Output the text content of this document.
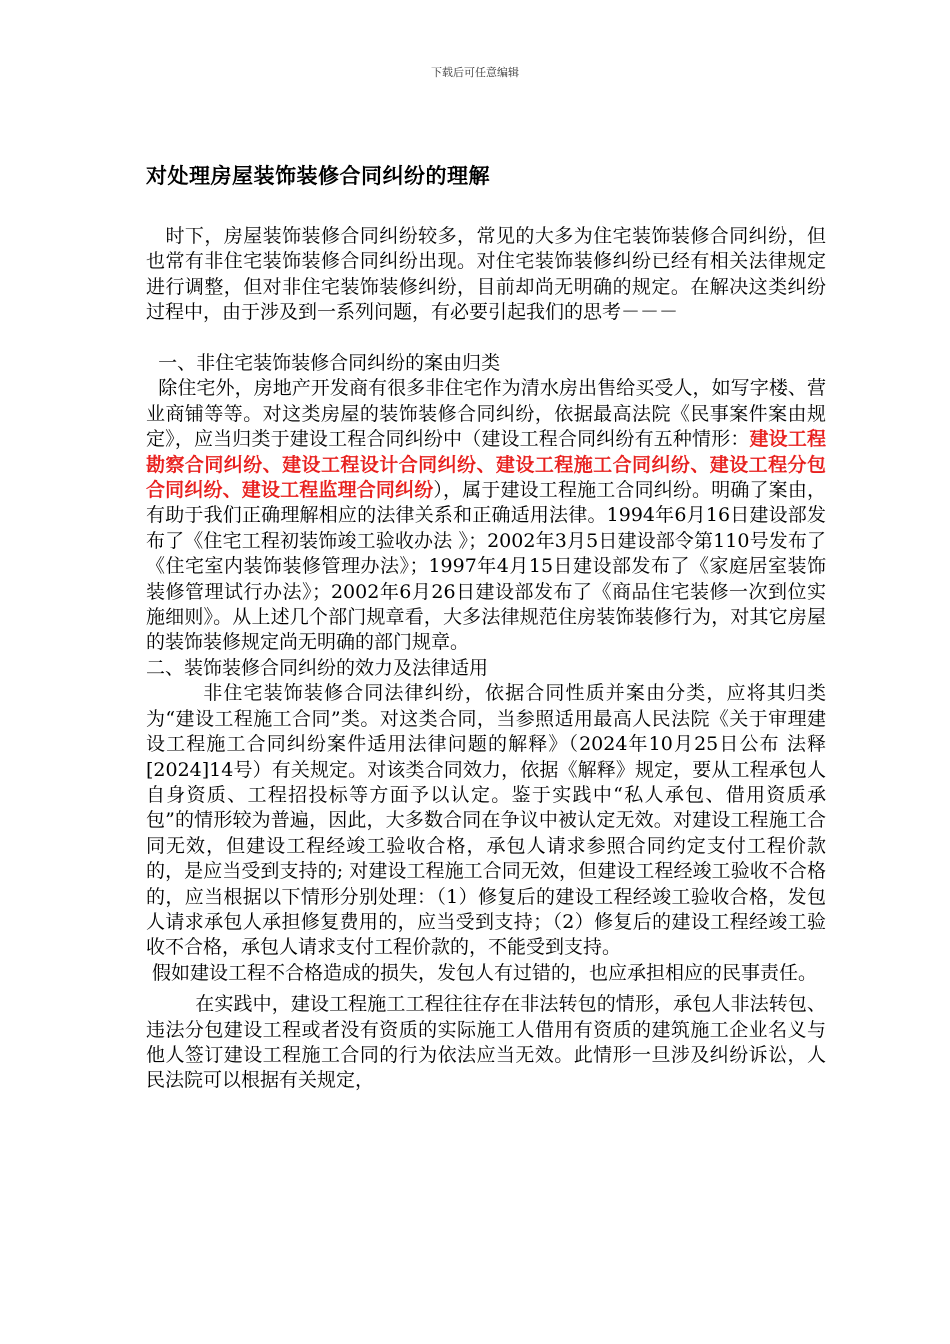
下载后可任意编辑
对处理房屋装饰装修合同纠纷的理解

时下，房屋装饰装修合同纠纷较多，常见的大多为住宅装饰装修合同纠纷，但也常有非住宅装饰装修合同纠纷出现。对住宅装饰装修纠纷已经有相关法律规定进行调整，但对非住宅装饰装修纠纷，目前却尚无明确的规定。在解决这类纠纷过程中，由于涉及到一系列问题，有必要引起我们的思考－－－

一、非住宅装饰装修合同纠纷的案由归类

除住宅外，房地产开发商有很多非住宅作为清水房出售给买受人，如写字楼、营业商铺等等。对这类房屋的装饰装修合同纠纷，依据最高法院《民事案件案由规定》，应当归类于建设工程合同纠纷中（建设工程合同纠纷有五种情形：建设工程勘察合同纠纷、建设工程设计合同纠纷、建设工程施工合同纠纷、建设工程分包合同纠纷、建设工程监理合同纠纷），属于建设工程施工合同纠纷。明确了案由，有助于我们正确理解相应的法律关系和正确适用法律。1994年6月16日建设部发布了《住宅工程初装饰竣工验收办法 》；2002年3月5日建设部令第110号发布了《住宅室内装饰装修管理办法》；1997年4月15日建设部发布了《家庭居室装饰装修管理试行办法》；2002年6月26日建设部发布了《商品住宅装修一次到位实施细则》。从上述几个部门规章看，大多法律规范住房装饰装修行为，对其它房屋的装饰装修规定尚无明确的部门规章。

二、装饰装修合同纠纷的效力及法律适用

非住宅装饰装修合同法律纠纷，依据合同性质并案由分类，应将其归类为“建设工程施工合同”类。对这类合同，当参照适用最高人民法院《关于审理建设工程施工合同纠纷案件适用法律问题的解释》（2024年10月25日公布 法释[2024]14号）有关规定。对该类合同效力，依据《解释》规定，要从工程承包人自身资质、工程招投标等方面予以认定。鉴于实践中“私人承包、借用资质承包”的情形较为普遍，因此，大多数合同在争议中被认定无效。对建设工程施工合同无效，但建设工程经竣工验收合格，承包人请求参照合同约定支付工程价款的，是应当受到支持的; 对建设工程施工合同无效，但建设工程经竣工验收不合格的，应当根据以下情形分别处理：（1）修复后的建设工程经竣工验收合格，发包人请求承包人承担修复费用的，应当受到支持；（2）修复后的建设工程经竣工验收不合格，承包人请求支付工程价款的，不能受到支持。

假如建设工程不合格造成的损失，发包人有过错的，也应承担相应的民事责任。

在实践中，建设工程施工工程往往存在非法转包的情形，承包人非法转包、违法分包建设工程或者没有资质的实际施工人借用有资质的建筑施工企业名义与他人签订建设工程施工合同的行为依法应当无效。此情形一旦涉及纠纷诉讼，人民法院可以根据有关规定，
